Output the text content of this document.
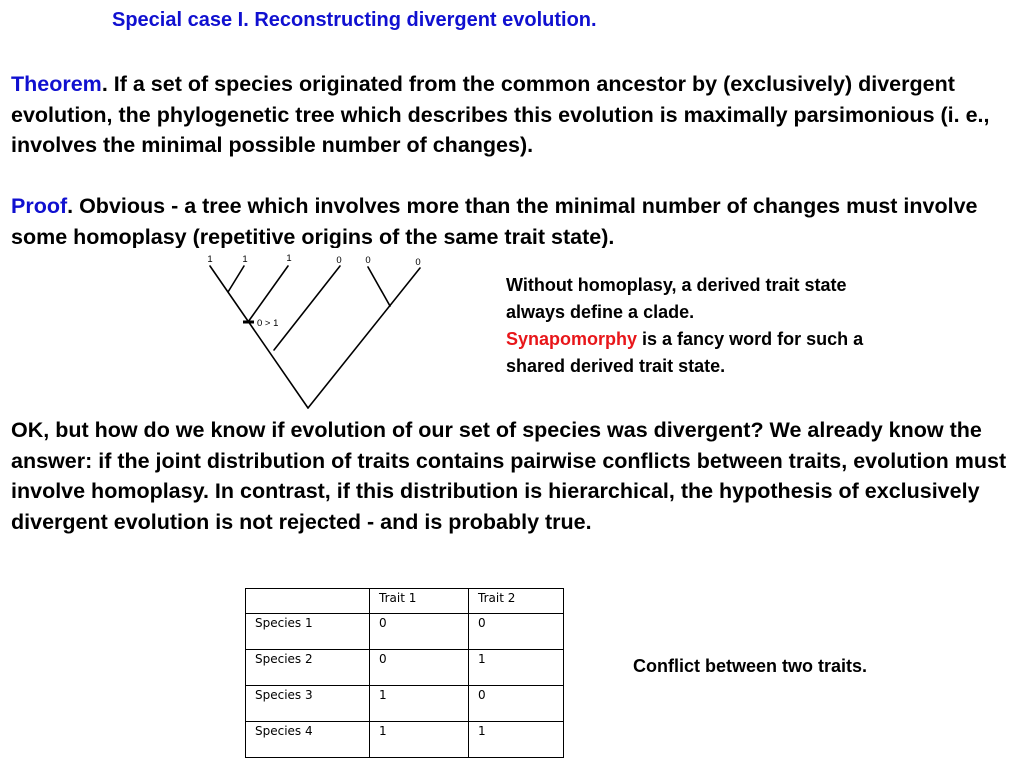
Special case I. Reconstructing divergent evolution.
Theorem. If a set of species originated from the common ancestor by (exclusively) divergent evolution, the phylogenetic tree which describes this evolution is maximally parsimonious (i. e., involves the minimal possible number of changes).
Proof. Obvious - a tree which involves more than the minimal number of changes must involve some homoplasy (repetitive origins of the same trait state).
0 > 1
1	1	1	0 0	0
Without homoplasy, a derived trait state always define a clade.
Synapomorphy is a fancy word for such a shared derived trait state.
OK, but how do we know if evolution of our set of species was divergent? We already know the answer: if the joint distribution of traits contains pairwise conflicts between traits, evolution must involve homoplasy. In contrast, if this distribution is hierarchical, the hypothesis of exclusively divergent evolution is not rejected - and is probably true.
	Trait 1	Trait 2
Species 1	0	0
Species 2	0	1
Species 3	1	0
Species 4	1	1
Conflict between two traits.
